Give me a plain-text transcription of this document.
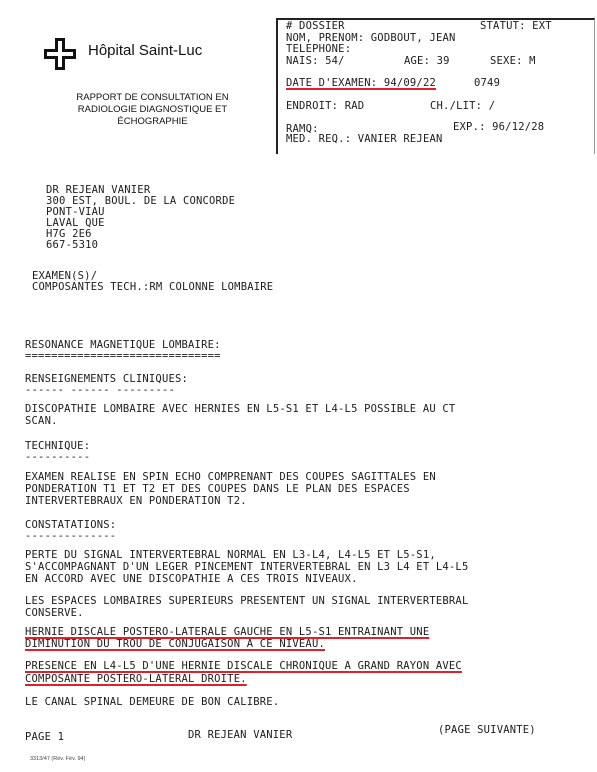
Hôpital Saint-Luc
RAPPORT DE CONSULTATION EN
RADIOLOGIE DIAGNOSTIQUE ET
ÉCHOGRAPHIE
# DOSSIER	STATUT: EXT
NOM, PRENOM: GODBOUT, JEAN
TELEPHONE:
NAIS: 54/	AGE: 39	SEXE: M
DATE D'EXAMEN: 94/09/22	0749
ENDROIT: RAD	CH./LIT: /
RAMQ:	EXP.: 96/12/28
MED. REQ.: VANIER REJEAN
DR REJEAN VANIER
300 EST, BOUL. DE LA CONCORDE
PONT-VIAU
LAVAL QUE
H7G 2E6
667-5310
EXAMEN(S)/
COMPOSANTES TECH.:RM COLONNE LOMBAIRE
RESONANCE MAGNETIQUE LOMBAIRE:
==============================
RENSEIGNEMENTS CLINIQUES:
------ ------ ---------
DISCOPATHIE LOMBAIRE AVEC HERNIES EN L5-S1 ET L4-L5 POSSIBLE AU CT
SCAN.
TECHNIQUE:
----------
EXAMEN REALISE EN SPIN ECHO COMPRENANT DES COUPES SAGITTALES EN
PONDERATION T1 ET T2 ET DES COUPES DANS LE PLAN DES ESPACES
INTERVERTEBRAUX EN PONDERATION T2.
CONSTATATIONS:
--------------
PERTE DU SIGNAL INTERVERTEBRAL NORMAL EN L3-L4, L4-L5 ET L5-S1,
S'ACCOMPAGNANT D'UN LEGER PINCEMENT INTERVERTEBRAL EN L3 L4 ET L4-L5
EN ACCORD AVEC UNE DISCOPATHIE A CES TROIS NIVEAUX.
LES ESPACES LOMBAIRES SUPERIEURS PRESENTENT UN SIGNAL INTERVERTEBRAL
CONSERVE.
HERNIE DISCALE POSTERO-LATERALE GAUCHE EN L5-S1 ENTRAINANT UNE
DIMINUTION DU TROU DE CONJUGAISON A CE NIVEAU.
PRESENCE EN L4-L5 D'UNE HERNIE DISCALE CHRONIQUE A GRAND RAYON AVEC
COMPOSANTE POSTERO-LATERAL DROITE.
LE CANAL SPINAL DEMEURE DE BON CALIBRE.
PAGE 1	DR REJEAN VANIER	(PAGE SUIVANTE)
3313/47 (Rév. Fév. 94)
